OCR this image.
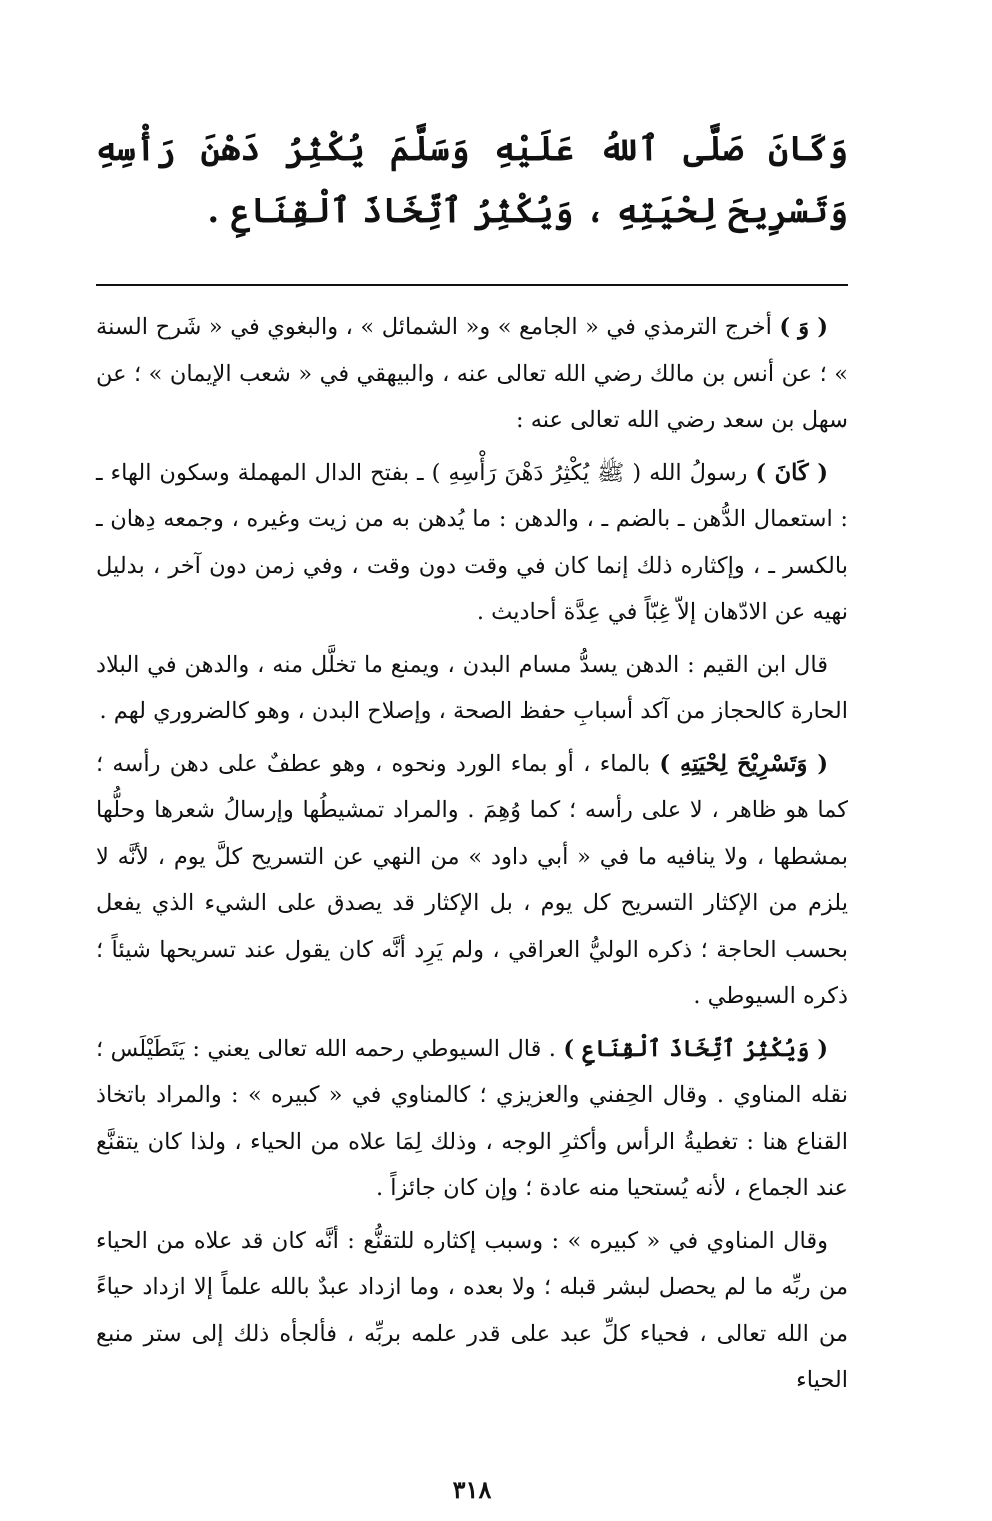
وَكَانَ صَلَّى ٱللهُ عَلَيْهِ وَسَلَّمَ يُكْثِرُ دَهْنَ رَأْسِهِ وَتَسْرِيحَ لِحْيَتِهِ ، وَيُكْثِرُ ٱتِّخَاذَ ٱلْقِنَاعِ .

( وَ ) أخرج الترمذي في « الجامع » و« الشمائل » ، والبغوي في « شَرح السنة » ؛ عن أنس بن مالك رضي الله تعالى عنه ، والبيهقي في « شعب الإيمان » ؛ عن سهل بن سعد رضي الله تعالى عنه :

( كَانَ ) رسولُ الله ( ﷺ يُكْثِرُ دَهْنَ رَأْسِهِ ) ـ بفتح الدال المهملة وسكون الهاء ـ : استعمال الدُّهن ـ بالضم ـ ، والدهن : ما يُدهن به من زيت وغيره ، وجمعه دِهان ـ بالكسر ـ ، وإكثاره ذلك إنما كان في وقت دون وقت ، وفي زمن دون آخر ، بدليل نهيه عن الادّهان إلاّ غِبّاً في عِدَّة أحاديث .

قال ابن القيم : الدهن يسدُّ مسام البدن ، ويمنع ما تخلَّل منه ، والدهن في البلاد الحارة كالحجاز من آكد أسبابِ حفظ الصحة ، وإصلاح البدن ، وهو كالضروري لهم .

( وَتَسْرِيْحَ لِحْيَتِهِ ) بالماء ، أو بماء الورد ونحوه ، وهو عطفٌ على دهن رأسه ؛ كما هو ظاهر ، لا على رأسه ؛ كما وُهِمَ . والمراد تمشيطُها وإرسالُ شعرها وحلُّها بمشطها ، ولا ينافيه ما في « أبي داود » من النهي عن التسريح كلَّ يوم ، لأنَّه لا يلزم من الإكثار التسريح كل يوم ، بل الإكثار قد يصدق على الشيء الذي يفعل بحسب الحاجة ؛ ذكره الوليُّ العراقي ، ولم يَرِد أنَّه كان يقول عند تسريحها شيئاً ؛ ذكره السيوطي .

( وَيُكْثِرُ ٱتِّخَاذَ ٱلْقِنَاعِ ) . قال السيوطي رحمه الله تعالى يعني : يَتَطَيْلَس ؛ نقله المناوي . وقال الحِفني والعزيزي ؛ كالمناوي في « كبيره » : والمراد باتخاذ القناع هنا : تغطيةُ الرأس وأكثرِ الوجه ، وذلك لِمَا علاه من الحياء ، ولذا كان يتقنَّع عند الجماع ، لأنه يُستحيا منه عادة ؛ وإن كان جائزاً .

وقال المناوي في « كبيره » : وسبب إكثاره للتقنُّع : أنَّه كان قد علاه من الحياء من ربِّه ما لم يحصل لبشر قبله ؛ ولا بعده ، وما ازداد عبدٌ بالله علماً إلا ازداد حياءً من الله تعالى ، فحياء كلِّ عبد على قدر علمه بربِّه ، فألجأه ذلك إلى ستر منبع الحياء

٣١٨
